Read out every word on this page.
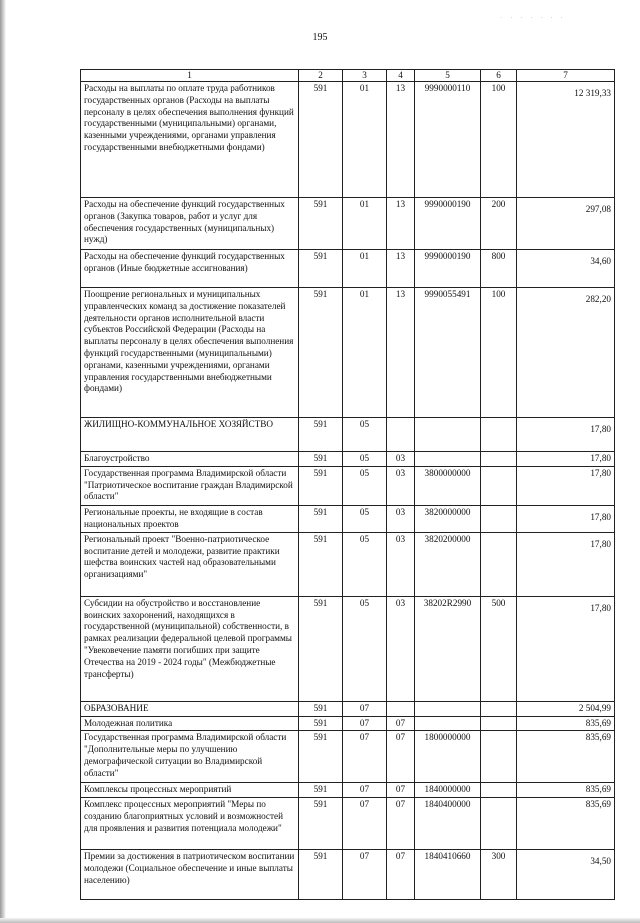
· · · · · · ·
195
1	2	3	4	5	6	7
Расходы на выплаты по оплате труда работников государственных органов (Расходы на выплаты персоналу в целях обеспечения выполнения функций государственными (муниципальными) органами, казенными учреждениями, органами управления государственными внебюджетными фондами)	591	01	13	9990000110	100	12 319,33
Расходы на обеспечение функций государственных органов (Закупка товаров, работ и услуг для обеспечения государственных (муниципальных) нужд)	591	01	13	9990000190	200	297,08
Расходы на обеспечение функций государственных органов (Иные бюджетные ассигнования)	591	01	13	9990000190	800	34,60
Поощрение региональных и муниципальных управленческих команд за достижение показателей деятельности органов исполнительной власти субъектов Российской Федерации (Расходы на выплаты персоналу в целях обеспечения выполнения функций государственными (муниципальными) органами, казенными учреждениями, органами управления государственными внебюджетными фондами)	591	01	13	9990055491	100	282,20
ЖИЛИЩНО-КОММУНАЛЬНОЕ ХОЗЯЙСТВО	591	05				17,80
Благоустройство	591	05	03			17,80
Государственная программа Владимирской области "Патриотическое воспитание граждан Владимирской области"	591	05	03	3800000000		17,80
Региональные проекты, не входящие в состав национальных проектов	591	05	03	3820000000		17,80
Региональный проект "Военно-патриотическое воспитание детей и молодежи, развитие практики шефства воинских частей над образовательными организациями"	591	05	03	3820200000		17,80
Субсидии на обустройство и восстановление воинских захоронений, находящихся в государственной (муниципальной) собственности, в рамках реализации федеральной целевой программы "Увековечение памяти погибших при защите Отечества на 2019 - 2024 годы" (Межбюджетные трансферты)	591	05	03	38202R2990	500	17,80
ОБРАЗОВАНИЕ	591	07				2 504,99
Молодежная политика	591	07	07			835,69
Государственная программа Владимирской области "Дополнительные меры по улучшению демографической ситуации во Владимирской области"	591	07	07	1800000000		835,69
Комплексы процессных мероприятий	591	07	07	1840000000		835,69
Комплекс процессных мероприятий "Меры по созданию благоприятных условий и возможностей для проявления и развития потенциала молодежи"	591	07	07	1840400000		835,69
Премии за достижения в патриотическом воспитании молодежи (Социальное обеспечение и иные выплаты населению)	591	07	07	1840410660	300	34,50
